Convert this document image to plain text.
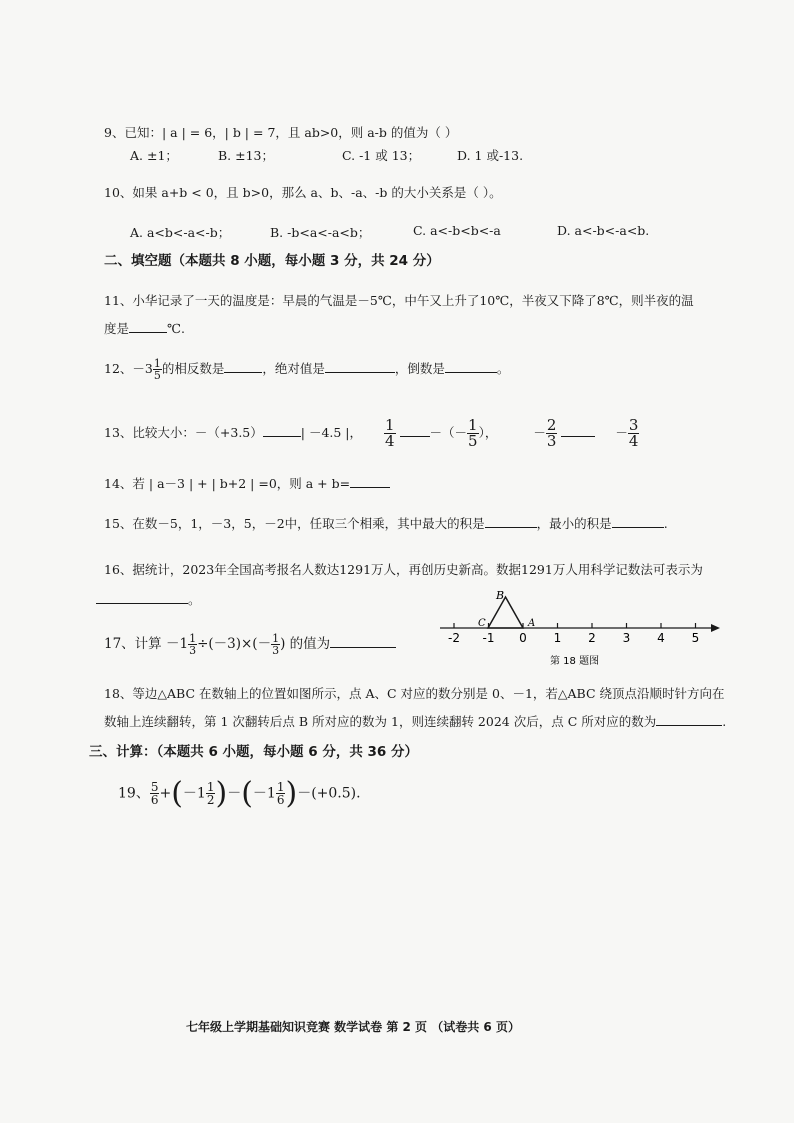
9、已知：| a | = 6，| b | = 7，且 ab>0，则 a-b 的值为（ ）
A. ±1；	B. ±13；	C. -1 或 13；	D. 1 或-13.
10、如果 a+b < 0，且 b>0，那么 a、b、-a、-b 的大小关系是（ ）。
A. a<b<-a<-b；	B. -b<a<-a<b；	C. a<-b<b<-a	D. a<-b<-a<b.
二、填空题（本题共 8 小题，每小题 3 分，共 24 分）
11、小华记录了一天的温度是：早晨的气温是－5℃，中午又上升了10℃，半夜又下降了8℃，则半夜的温
度是	℃.
12、$-3 \frac{1}{5}$ 的相反数是	，绝对值是	，倒数是	。
13、比较大小：－（+3.5）	| －4.5 |， $\frac{1}{4}$	－（－ $\frac{1}{5}$ ），	－ $\frac{2}{3}$	－ $\frac{3}{4}$
14、若 | a－3 | + | b+2 | =0，则 a + b=
15、在数－5，1，－3，5，－2中，任取三个相乘，其中最大的积是	，最小的积是	.
16、据统计，2023年全国高考报名人数达1291万人，再创历史新高。数据1291万人用科学记数法可表示为
。
17、计算 $-1 \frac{1}{3} \div(-3)\times(- \frac{1}{3}$ ) 的值为	-2 -1 0 1 2 3 4 5
B
C	A
第 18 题图
18、等边△ABC 在数轴上的位置如图所示，点 A、C 对应的数分别是 0、－1，若△ABC 绕顶点沿顺时针方向在
数轴上连续翻转，第 1 次翻转后点 B 所对应的数为 1，则连续翻转 2024 次后，点 C 所对应的数为	.
三、计算：（本题共 6 小题，每小题 6 分，共 36 分）
19、 $\frac{5}{6} +(-1 \frac{1}{2} )-(-1 \frac{1}{6} )-(+0.5)$.
七年级上学期基础知识竞赛 数学试卷 第 2 页 （试卷共 6 页）
